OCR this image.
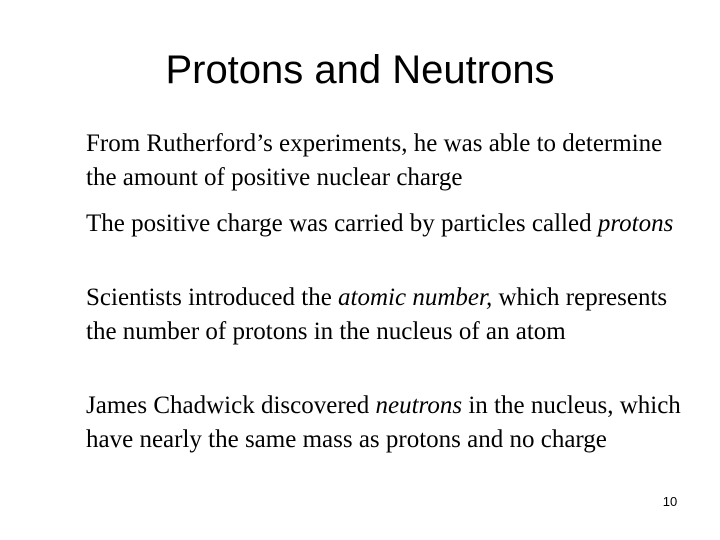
Protons and Neutrons
From Rutherford’s experiments, he was able to determine the amount of positive nuclear charge
The positive charge was carried by particles called protons
Scientists introduced the atomic number, which represents the number of protons in the nucleus of an atom
James Chadwick discovered neutrons in the nucleus, which have nearly the same mass as protons and no charge
10
